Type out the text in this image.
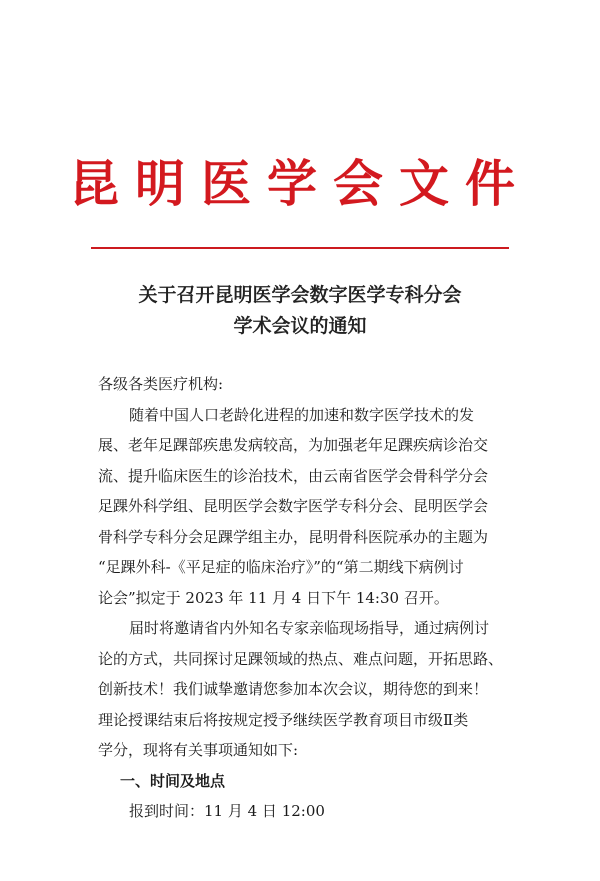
昆明医学会文件
关于召开昆明医学会数字医学专科分会
学术会议的通知
各级各类医疗机构:
随着中国人口老龄化进程的加速和数字医学技术的发
展、老年足踝部疾患发病较高，为加强老年足踝疾病诊治交
流、提升临床医生的诊治技术，由云南省医学会骨科学分会
足踝外科学组、昆明医学会数字医学专科分会、昆明医学会
骨科学专科分会足踝学组主办，昆明骨科医院承办的主题为
“足踝外科-《平足症的临床治疗》”的“第二期线下病例讨
论会”拟定于 2023 年 11 月 4 日下午 14:30 召开。
届时将邀请省内外知名专家亲临现场指导，通过病例讨
论的方式，共同探讨足踝领域的热点、难点问题，开拓思路、
创新技术！我们诚挚邀请您参加本次会议，期待您的到来！
理论授课结束后将按规定授予继续医学教育项目市级Ⅱ类
学分，现将有关事项通知如下:
一、时间及地点
报到时间：11 月 4 日 12:00
